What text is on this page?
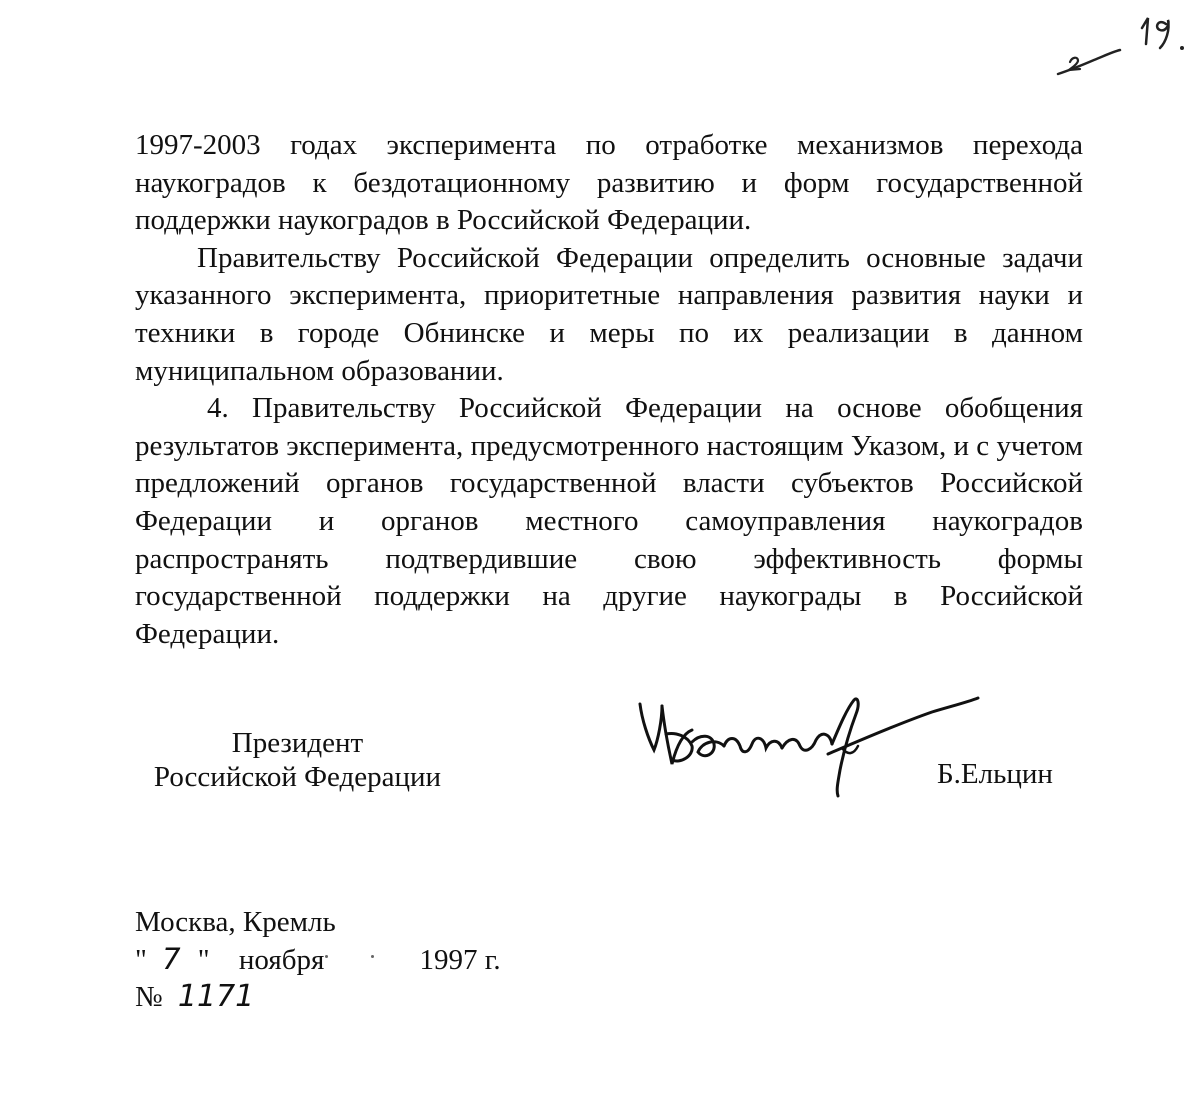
1997-2003 годах эксперимента по отработке механизмов перехода наукоградов к бездотационному развитию и форм государственной поддержки наукоградов в Российской Федерации.

Правительству Российской Федерации определить основные задачи указанного эксперимента, приоритетные направления развития науки и техники в городе Обнинске и меры по их реализации в данном муниципальном образовании.

4. Правительству Российской Федерации на основе обобщения результатов эксперимента, предусмотренного настоящим Указом, и с учетом предложений органов государственной власти субъектов Российской Федерации и органов местного самоуправления наукоградов распространять подтвердившие свою эффективность формы государственной поддержки на другие наукограды в Российской Федерации.

Президент
Российской Федерации	Б.Ельцин
Москва, Кремль
" 7 " ноября	1997 г.
№ 1171
